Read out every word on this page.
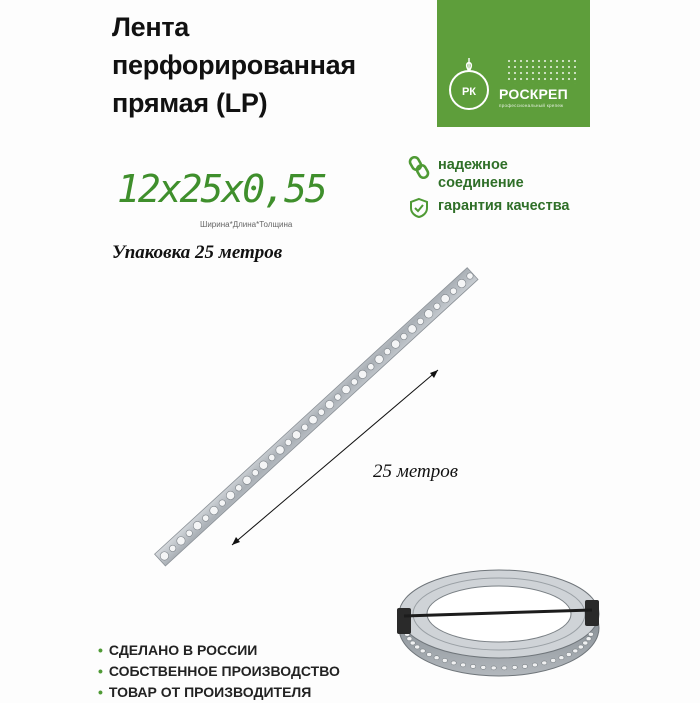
Лента
перфорированная
прямая (LP)	РК РОСКРЕП
профессиональный крепеж
12x25x0,55
Ширина*Длина*Толщина
Упаковка 25 метров
надежное
соединение
гарантия качества
25 метров
• СДЕЛАНО В РОССИИ
• СОБСТВЕННОЕ ПРОИЗВОДСТВО
• ТОВАР ОТ ПРОИЗВОДИТЕЛЯ
